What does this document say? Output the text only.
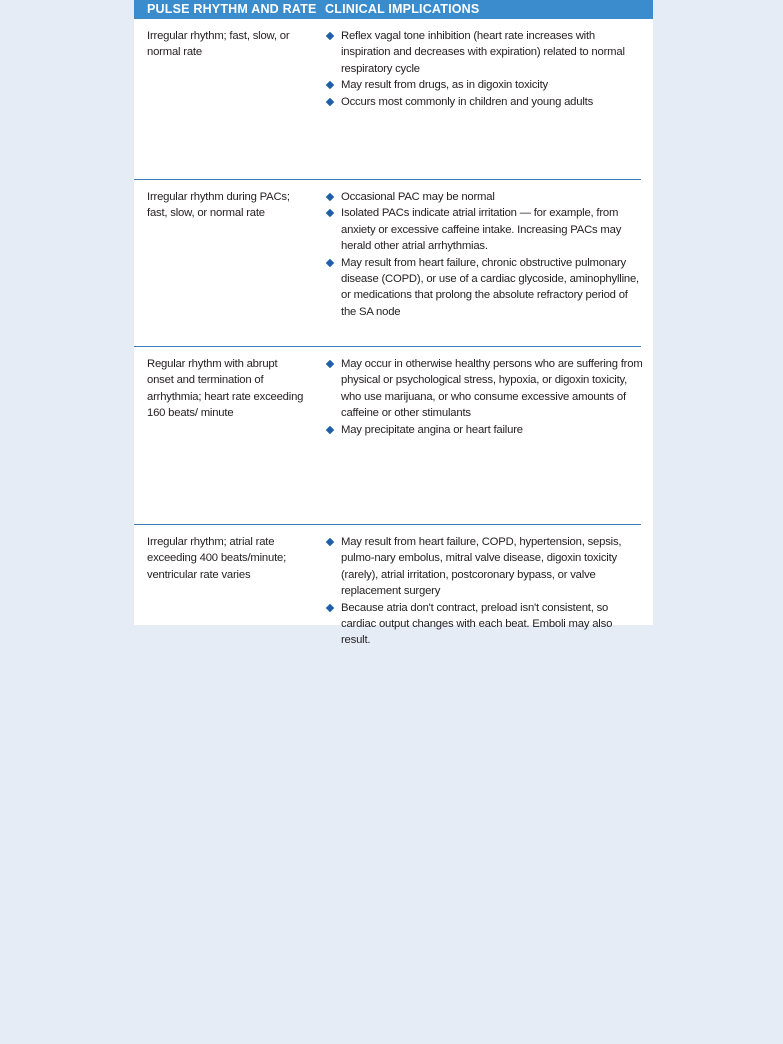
PULSE RHYTHM AND RATE CLINICAL IMPLICATIONS
Irregular rhythm; fast, slow, or normal rate
Reflex vagal tone inhibition (heart rate increases with inspiration and decreases with expiration) related to normal respiratory cycle
May result from drugs, as in digoxin toxicity
Occurs most commonly in children and young adults
Irregular rhythm during PACs; fast, slow, or normal rate
Occasional PAC may be normal
Isolated PACs indicate atrial irritation — for example, from anxiety or excessive caffeine intake. Increasing PACs may herald other atrial arrhythmias.
May result from heart failure, chronic obstructive pulmonary disease (COPD), or use of a cardiac glycoside, aminophylline, or medications that prolong the absolute refractory period of the SA node
Regular rhythm with abrupt onset and termination of arrhythmia; heart rate exceeding 160 beats/ minute
May occur in otherwise healthy persons who are suffering from physical or psychological stress, hypoxia, or digoxin toxicity, who use marijuana, or who consume excessive amounts of caffeine or other stimulants
May precipitate angina or heart failure
Irregular rhythm; atrial rate exceeding 400 beats/minute; ventricular rate varies
May result from heart failure, COPD, hypertension, sepsis, pulmo-nary embolus, mitral valve disease, digoxin toxicity (rarely), atrial irritation, postcoronary bypass, or valve replacement surgery
Because atria don't contract, preload isn't consistent, so cardiac output changes with each beat. Emboli may also result.
